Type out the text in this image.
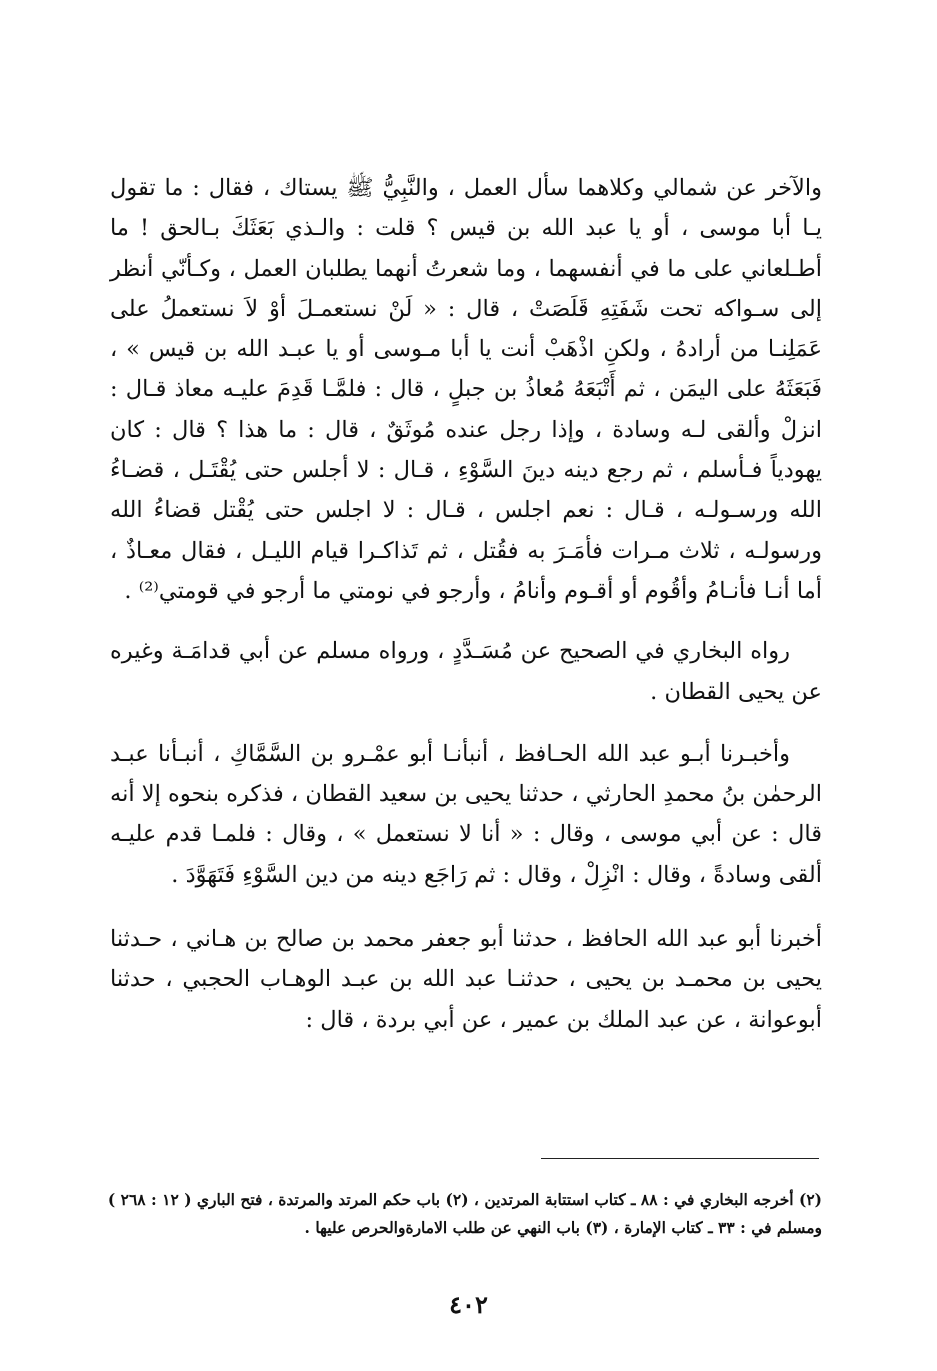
والآخر عن شمالي وكلاهما سأل العمل ، والنَّبِيُّ ﷺ يستاك ، فقال : ما تقول يـا أبا موسى ، أو يا عبد الله بن قيس ؟ قلت : والـذي بَعَثَكَ بـالحق ! ما أطـلعاني على ما في أنفسهما ، وما شعرتُ أنهما يطلبان العمل ، وكـأنّي أنظر إلى سـواكه تحت شَفَتِهِ قَلَصَتْ ، قال : « لَنْ نستعمـلَ أوْ لاَ نستعملُ على عَمَلِنـا من أرادهُ ، ولكنِ اذْهَبْ أنت يا أبا مـوسى أو يا عبـد الله بن قيس » ، فَبَعَثَهُ على اليمَن ، ثم أَتْبَعَهُ مُعاذُ بن جبلٍ ، قال : فلمَّـا قَدِمَ عليـه معاذ قـال : انزلْ وألقى لـه وسادة ، وإذا رجل عنده مُوثَقٌ ، قال : ما هذا ؟ قال : كان يهودياً فـأسلم ، ثم رجع دينه دينَ السَّوْءِ ، قـال : لا أجلس حتى يُقْتَـل ، قضـاءُ الله ورسـولـه ، قـال : نعم اجلس ، قـال : لا اجلس حتى يُقْتل قضاءُ الله ورسولـه ، ثلاث مـرات فأمَـرَ به فقُتل ، ثم تَذاكـرا قيام الليـل ، فقال معـاذٌ ، أما أنـا فأنـامُ وأقُوم أو أقـوم وأنامُ ، وأرجو في نومتي ما أرجو في قومتي⁽²⁾ .

رواه البخاري في الصحيح عن مُسَـدَّدٍ ، ورواه مسلم عن أبي قدامَـة وغيره عن يحيى القطان .

وأخبـرنا أبـو عبد الله الحـافظ ، أنبأنـا أبو عمْـرو بن السَّمَّاكِ ، أنبـأنا عبـد الرحمٰن بنُ محمدِ الحارثي ، حدثنا يحيى بن سعيد القطان ، فذكره بنحوه إلا أنه قال : عن أبي موسى ، وقال : « أنا لا نستعمل » ، وقال : فلمـا قدم عليـه ألقى وسادةً ، وقال : انْزِلْ ، وقال : ثم رَاجَع دينه من دين السَّوْءِ فَتَهَوَّدَ .

أخبرنا أبو عبد الله الحافظ ، حدثنا أبو جعفر محمد بن صالح بن هـاني ، حـدثنا يحيى بن محمـد بن يحيى ، حدثنـا عبد الله بن عبـد الوهـاب الحجبي ، حدثنا أبوعوانة ، عن عبد الملك بن عمير ، عن أبي بردة ، قال :

(٢) أخرجه البخاري في : ٨٨ ـ كتاب استتابة المرتدين ، (٢) باب حكم المرتد والمرتدة ، فتح الباري ( ١٢ : ٢٦٨ ) ومسلم في : ٣٣ ـ كتاب الإمارة ، (٣) باب النهي عن طلب الامارةوالحرص عليها .

٤٠٢
